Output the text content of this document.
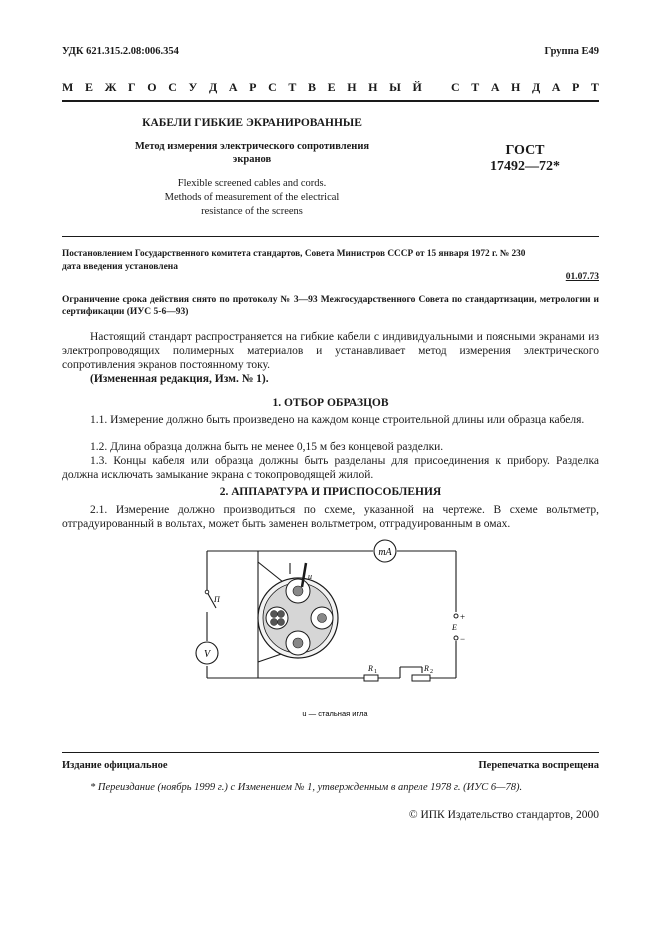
УДК 621.315.2.08:006.354	Группа Е49
М Е Ж Г О С У Д А Р С Т В Е Н Н Ы Й С Т А Н Д А Р Т
КАБЕЛИ ГИБКИЕ ЭКРАНИРОВАННЫЕ
Метод измерения электрического сопротивления
экранов
Flexible screened cables and cords.
Methods of measurement of the electrical
resistance of the screens
ГОСТ
17492—72*
Постановлением Государственного комитета стандартов, Совета Министров СССР от 15 января 1972 г. № 230
дата введения установлена
01.07.73
Ограничение срока действия снято по протоколу № 3—93 Межгосударственного Совета по стандартизации, метрологии и сертификации (ИУС 5-6—93)
Настоящий стандарт распространяется на гибкие кабели с индивидуальными и поясными экранами из электропроводящих полимерных материалов и устанавливает метод измерения электрического сопротивления экранов постоянному току.
(Измененная редакция, Изм. № 1).
1. ОТБОР ОБРАЗЦОВ
1.1. Измерение должно быть произведено на каждом конце строительной длины или образца кабеля.
1.2. Длина образца должна быть не менее 0,15 м без концевой разделки.
1.3. Концы кабеля или образца должны быть разделаны для присоединения к прибору. Разделка должна исключать замыкание экрана с токопроводящей жилой.
2. АППАРАТУРА И ПРИСПОСОБЛЕНИЯ
2.1. Измерение должно производиться по схеме, указанной на чертеже. В схеме вольтметр, отградуированный в вольтах, может быть заменен вольтметром, отградуированным в омах.
mA
V
П
+
E
−
R 1	R 2
u
u — стальная игла
Издание официальное	Перепечатка воспрещена
* Переиздание (ноябрь 1999 г.) с Изменением № 1, утвержденным в апреле 1978 г. (ИУС 6—78).
© ИПК Издательство стандартов, 2000
